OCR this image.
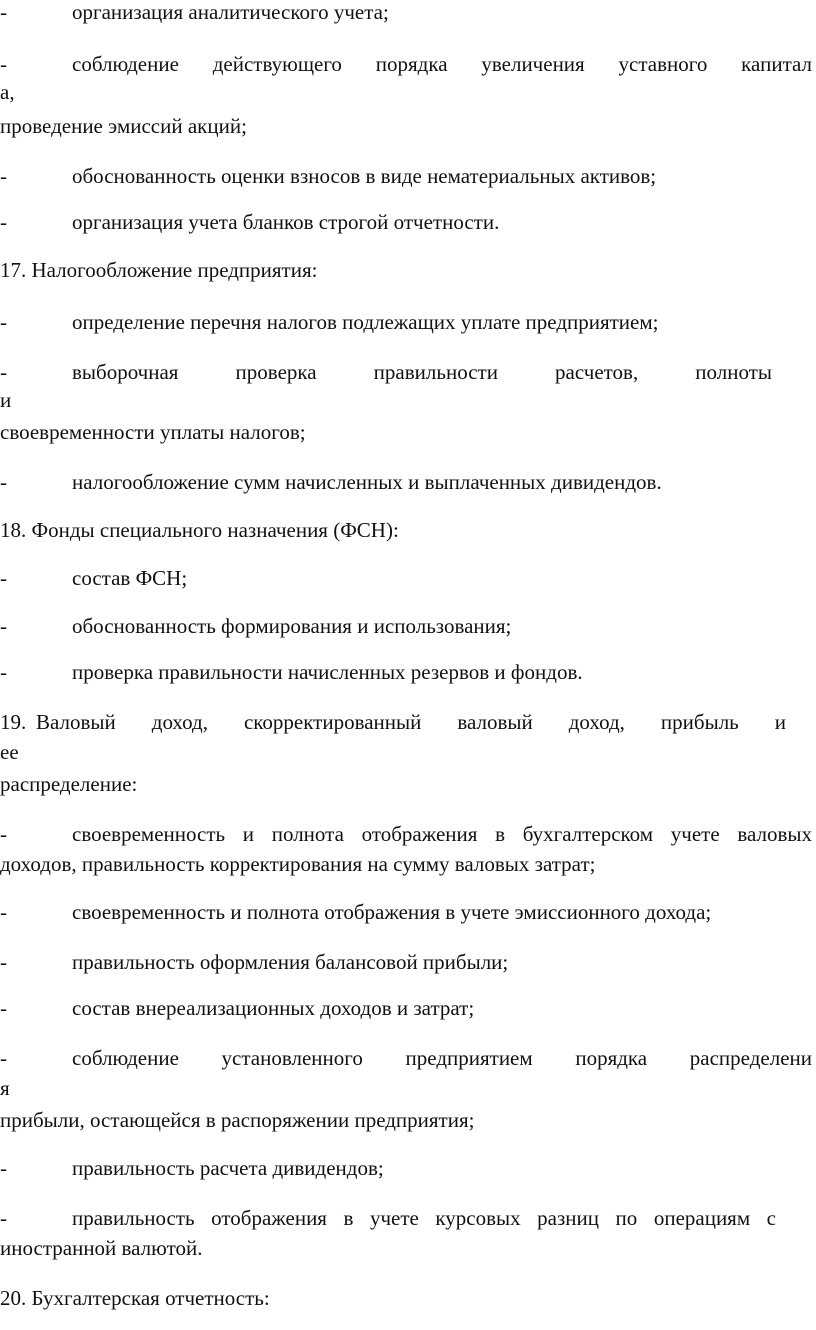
-	организация аналитического учета;
-	соблюдение действующего порядка увеличения уставного капитал
а,
проведение эмиссий акций;
-	обоснованность оценки взносов в виде нематериальных активов;
-	организация учета бланков строгой отчетности.
17. Налогообложение предприятия:
-	определение перечня налогов подлежащих уплате предприятием;
-	выборочная проверка правильности расчетов, полноты
и
своевременности уплаты налогов;
-	налогообложение сумм начисленных и выплаченных дивидендов.
18. Фонды специального назначения (ФСН):
-	состав ФСН;
-	обоснованность формирования и использования;
-	проверка правильности начисленных резервов и фондов.
19. Валовый доход, скорректированный валовый доход, прибыль и
ее
распределение:
-	своевременность и полнота отображения в бухгалтерском учете валовых
доходов, правильность корректирования на сумму валовых затрат;
-	своевременность и полнота отображения в учете эмиссионного дохода;
-	правильность оформления балансовой прибыли;
-	состав внереализационных доходов и затрат;
-	соблюдение установленного предприятием порядка распределени
я
прибыли, остающейся в распоряжении предприятия;
-	правильность расчета дивидендов;
-	правильность отображения в учете курсовых разниц по операциям с
иностранной валютой.
20. Бухгалтерская отчетность:
